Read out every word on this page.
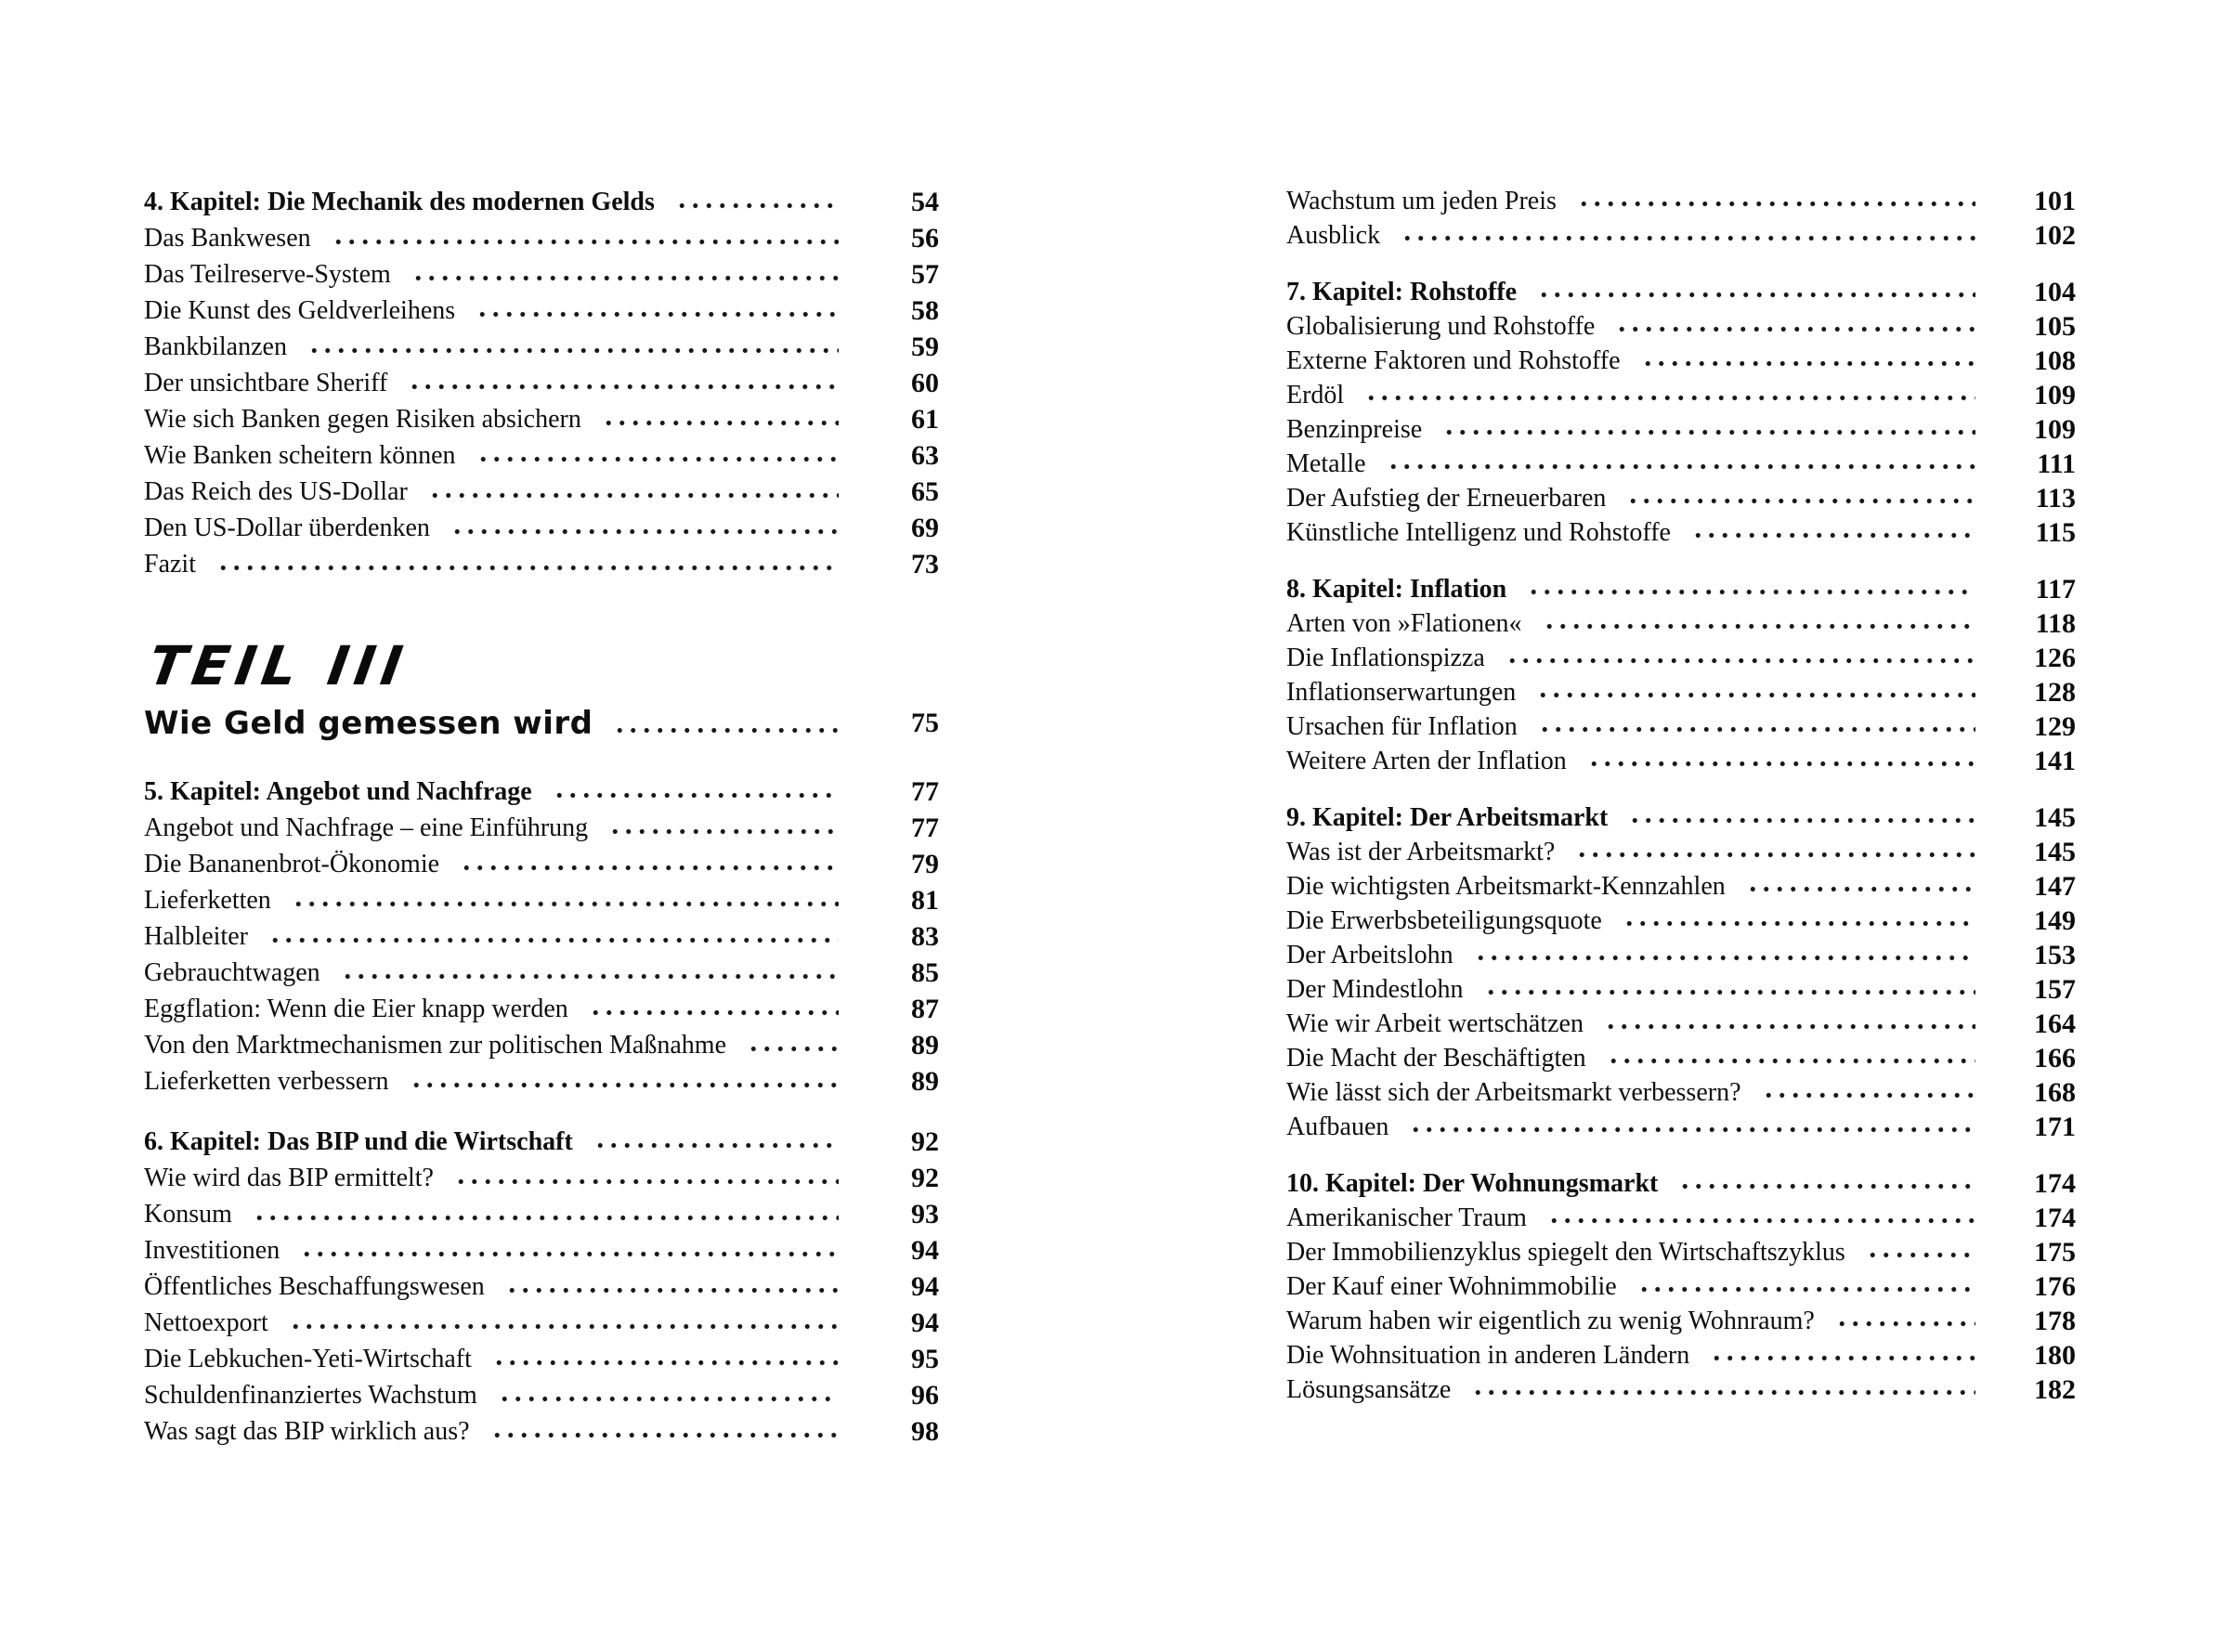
4. Kapitel: Die Mechanik des modernen Gelds	54
Das Bankwesen	56
Das Teilreserve-System	57
Die Kunst des Geldverleihens	58
Bankbilanzen	59
Der unsichtbare Sheriff	60
Wie sich Banken gegen Risiken absichern	61
Wie Banken scheitern können	63
Das Reich des US-Dollar	65
Den US-Dollar überdenken	69
Fazit	73
TEIL III
Wie Geld gemessen wird	75
5. Kapitel: Angebot und Nachfrage	77
Angebot und Nachfrage – eine Einführung	77
Die Bananenbrot-Ökonomie	79
Lieferketten	81
Halbleiter	83
Gebrauchtwagen	85
Eggflation: Wenn die Eier knapp werden	87
Von den Marktmechanismen zur politischen Maßnahme	89
Lieferketten verbessern	89
6. Kapitel: Das BIP und die Wirtschaft	92
Wie wird das BIP ermittelt?	92
Konsum	93
Investitionen	94
Öffentliches Beschaffungswesen	94
Nettoexport	94
Die Lebkuchen-Yeti-Wirtschaft	95
Schuldenfinanziertes Wachstum	96
Was sagt das BIP wirklich aus?	98
Wachstum um jeden Preis	101
Ausblick	102
7. Kapitel: Rohstoffe	104
Globalisierung und Rohstoffe	105
Externe Faktoren und Rohstoffe	108
Erdöl	109
Benzinpreise	109
Metalle	111
Der Aufstieg der Erneuerbaren	113
Künstliche Intelligenz und Rohstoffe	115
8. Kapitel: Inflation	117
Arten von »Flationen«	118
Die Inflationspizza	126
Inflationserwartungen	128
Ursachen für Inflation	129
Weitere Arten der Inflation	141
9. Kapitel: Der Arbeitsmarkt	145
Was ist der Arbeitsmarkt?	145
Die wichtigsten Arbeitsmarkt-Kennzahlen	147
Die Erwerbsbeteiligungsquote	149
Der Arbeitslohn	153
Der Mindestlohn	157
Wie wir Arbeit wertschätzen	164
Die Macht der Beschäftigten	166
Wie lässt sich der Arbeitsmarkt verbessern?	168
Aufbauen	171
10. Kapitel: Der Wohnungsmarkt	174
Amerikanischer Traum	174
Der Immobilienzyklus spiegelt den Wirtschaftszyklus	175
Der Kauf einer Wohnimmobilie	176
Warum haben wir eigentlich zu wenig Wohnraum?	178
Die Wohnsituation in anderen Ländern	180
Lösungsansätze	182
